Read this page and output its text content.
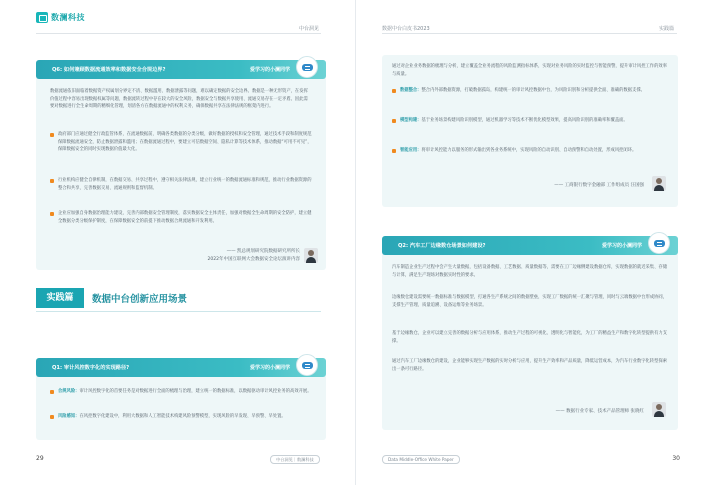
数澜科技
中台洞见
Q6: 如何兼顾数据流通效率和数据安全合规边界?	爱学习的小澜同学
数据流通依旧面临着数据资产权属划分界定不清、数据滥用、数据泄露等问题，难以确定数据的安全边界。数据是一种无形资产，在发挥价值过程中容易出现数据权属等问题，数据流转过程中存在较大的安全风险，数据安全与数据共享使用、流通交易存在一定矛盾。因此需要对数据进行全生命周期的精细化管理，划清各方在数据流通中的权利义务，确保数据共享在法律法规的框架内进行。
政府部门应通过健全行政监管体系，在流通数据前，明确各类数据的分类分级，做好数据的授权和安全管理，通过技术手段和制度规范保障数据流通安全，防止数据泄露和滥用；在数据流通过程中，要建立可信数据空间、隐私计算等技术体系，推动数据“可用不可见”，保障数据安全的同时实现数据价值最大化。
行业机构应健全自律机制，在数据交易、共享过程中，遵守相关法律法规，建立行业统一的数据流通标准和规范，推动行业数据资源的整合和共享，完善数据交易、流通规则和监督机制。
企业应加强自身数据治理能力建设，完善内部数据安全管理制度，落实数据安全主体责任，加强对数据全生命周期的安全防护，建立健全数据分类分级保护制度，在保障数据安全的前提下推动数据合规流通和开发利用。
—— 凯总规划研究院数据研究所所长
2022年中国互联网大会数据安全论坛演讲内容
实践篇	数据中台创新应用场景
Q1: 审计风控数字化的实现路径?	爱学习的小澜同学
合规风险：审计风控数字化的首要任务是对数据进行全面的梳理与治理，建立统一的数据标准，以数据驱动审计风控业务的高效开展。
风险感知：在风控数字化建设中，利用大数据和人工智能技术构建风险预警模型，实现风险的早发现、早预警、早处置。
29	中台洞见｜数澜科技
数据中台白皮书2023	实践篇
通过对企业业务数据的梳理与分析，建立覆盖全业务流程的风险监测指标体系，实现对业务风险的实时监控与智能预警，提升审计风控工作的效率与质量。
数据整合：整合内外部数据资源，打破数据孤岛，构建统一的审计风控数据中台，为风险识别和分析提供全面、准确的数据支撑。
模型构建：基于业务场景构建风险识别模型，通过机器学习等技术不断优化模型效果，提高风险识别的准确率和覆盖面。
智能应用：将审计风控能力以服务的形式输出到各业务系统中，实现风险的自动识别、自动预警和自动处置，形成风控闭环。
—— 工商银行数字金融部 工作组成员 汪国强
Q2: 汽车工厂边缘数仓场景如何建设?	爱学习的小澜同学
汽车制造企业生产过程中会产生大量数据，包括设备数据、工艺数据、质量数据等，需要在工厂边缘侧建设数据仓库，实现数据的就近采集、存储与计算，满足生产现场对数据实时性的要求。
边缘数仓建设需要统一数据标准与数据模型，打通各生产系统之间的数据壁垒，实现工厂数据的统一汇聚与管理，同时与云端数据中台形成协同，支撑生产管理、质量追溯、设备运维等业务场景。
基于边缘数仓，企业可以建立完善的数据分析与应用体系，推动生产过程的可视化、透明化与智能化，为工厂的精益生产和数字化转型提供有力支撑。
通过汽车工厂边缘数仓的建设，企业能够实现生产数据的实时分析与应用，提升生产效率和产品质量，降低运营成本，为汽车行业数字化转型探索出一条可行路径。
—— 数据行业专家、技术产品管理师 张晓红
Data Middle-Office White Paper	30
